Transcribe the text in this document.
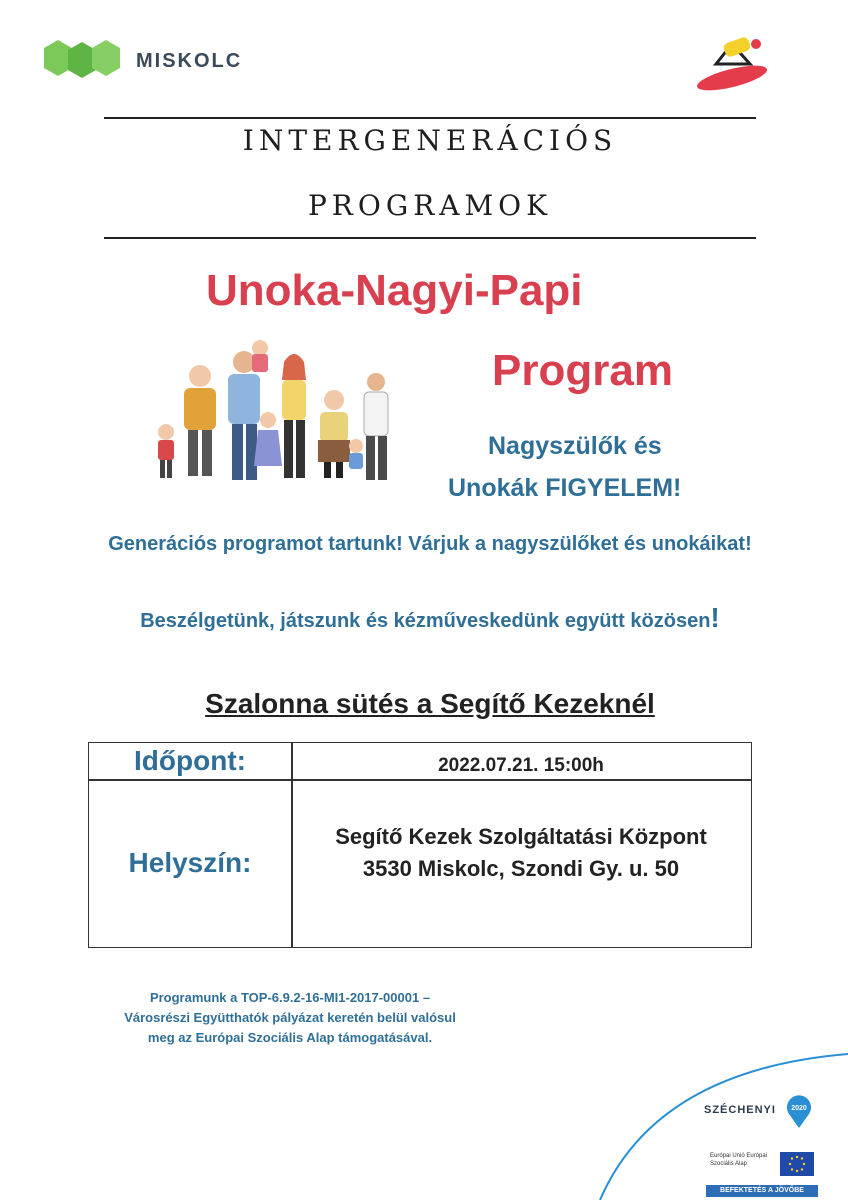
MISKOLC
INTERGENERÁCIÓS
PROGRAMOK
Unoka-Nagyi-Papi
Program
Nagyszülők és
Unokák FIGYELEM!
Generációs programot tartunk! Várjuk a nagyszülőket és unokáikat!
Beszélgetünk, játszunk és kézműveskedünk együtt közösen!
Szalonna sütés a Segítő Kezeknél
Időpont:	2022.07.21. 15:00h
Helyszín:
Segítő Kezek Szolgáltatási Központ
3530 Miskolc, Szondi Gy. u. 50
Programunk a TOP-6.9.2-16-MI1-2017-00001 –
Városrészi Együtthatók pályázat keretén belül valósul
meg az Európai Szociális Alap támogatásával.
SZÉCHENYI 2020
Európai Unió Európai Szociális Alap
BEFEKTETÉS A JÖVŐBE
